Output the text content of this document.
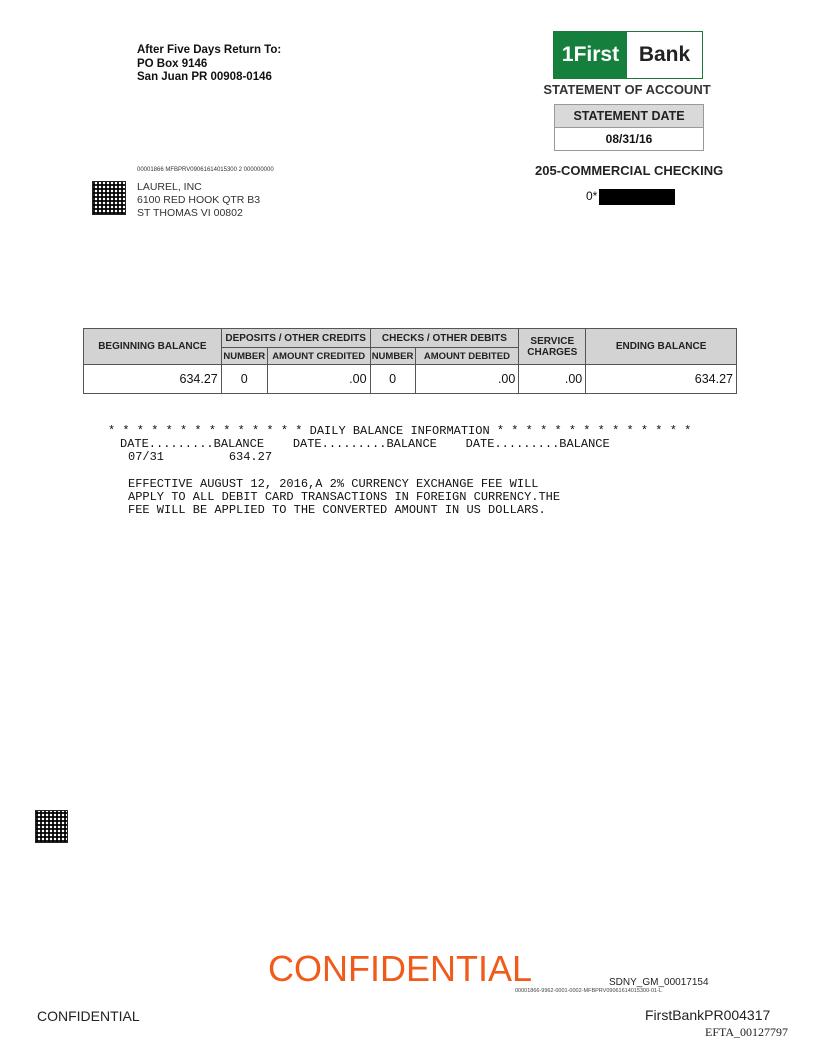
After Five Days Return To:
PO Box 9146
San Juan PR 00908-0146
1First Bank
STATEMENT OF ACCOUNT
STATEMENT DATE
08/31/16
205-COMMERCIAL CHECKING
0*
00001866 MFBPRV09061614015300 2 000000000
LAUREL, INC
6100 RED HOOK QTR B3
ST THOMAS VI 00802
BEGINNING BALANCE	DEPOSITS / OTHER CREDITS		CHECKS / OTHER DEBITS		SERVICE CHARGES	ENDING BALANCE
	NUMBER	AMOUNT CREDITED	NUMBER	AMOUNT DEBITED		
634.27	0	.00	0	.00	.00	634.27
* * * * * * * * * * * * * * DAILY BALANCE INFORMATION * * * * * * * * * * * * * *
DATE.........BALANCE    DATE.........BALANCE    DATE.........BALANCE
07/31         634.27
EFFECTIVE AUGUST 12, 2016,A 2% CURRENCY EXCHANGE FEE WILL
APPLY TO ALL DEBIT CARD TRANSACTIONS IN FOREIGN CURRENCY.THE
FEE WILL BE APPLIED TO THE CONVERTED AMOUNT IN US DOLLARS.
CONFIDENTIAL	SDNY_GM_00017154
00001866-9962-0001-0002-MFBPRV09061614015300-01-L
CONFIDENTIAL	FirstBankPR004317
EFTA_00127797
